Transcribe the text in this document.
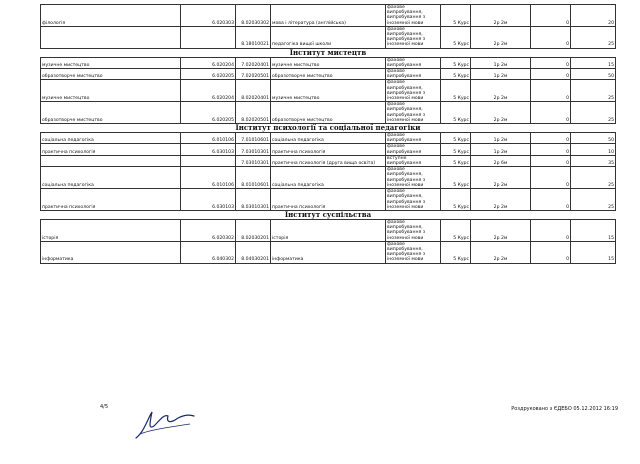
філологія	6.020303	8.02030302	мова і література (англійська)	фахове випробування, випробування з іноземної мови	5 Курс	2р 2м	0	20
		8.18010021	педагогіка вищої школи	фахове випробування, випробування з іноземної мови	5 Курс	2р 2м	0	25
Інститут мистецтв								
музичне мистецтво	6.020204	7.02020401	музичне мистецтво	фахове випробування	5 Курс	1р 2м	0	15
образотворче мистецтво	6.020205	7.02020501	образотворче мистецтво	фахове випробування	5 Курс	1р 2м	0	50
музичне мистецтво	6.020204	8.02020401	музичне мистецтво	фахове випробування, випробування з іноземної мови	5 Курс	2р 2м	0	25
образотворче мистецтво	6.020205	8.02020501	образотворче мистецтво	фахове випробування, випробування з іноземної мови	5 Курс	2р 2м	0	25
Інститут психології та соціальної педагогіки								
соціальна педагогіка	6.010106	7.01010601	соціальна педагогіка	фахове випробування	5 Курс	1р 2м	0	50
практична психологія	6.030103	7.03010301	практична психологія	фахове випробування	5 Курс	1р 2м	0	10
		7.03010301	практична психологія (друга вища освіта)	вступне випробування	5 Курс	2р 6м	0	35
соціальна педагогіка	6.010106	8.01010601	соціальна педагогіка	фахове випробування, випробування з іноземної мови	5 Курс	2р 2м	0	25
практична психологія	6.030103	8.03010301	практична психологія	фахове випробування, випробування з іноземної мови	5 Курс	2р 2м	0	25
Інститут суспільства								
історія	6.020302	8.02030201	історія	фахове випробування, випробування з іноземної мови	5 Курс	2р 2м	0	15
інформатика	6.040302	8.04030201	інформатика	фахове випробування, випробування з іноземної мови	5 Курс	2р 2м	0	15
4/5	Роздруковано з ЄДЕБО 05.12.2012 16:19
